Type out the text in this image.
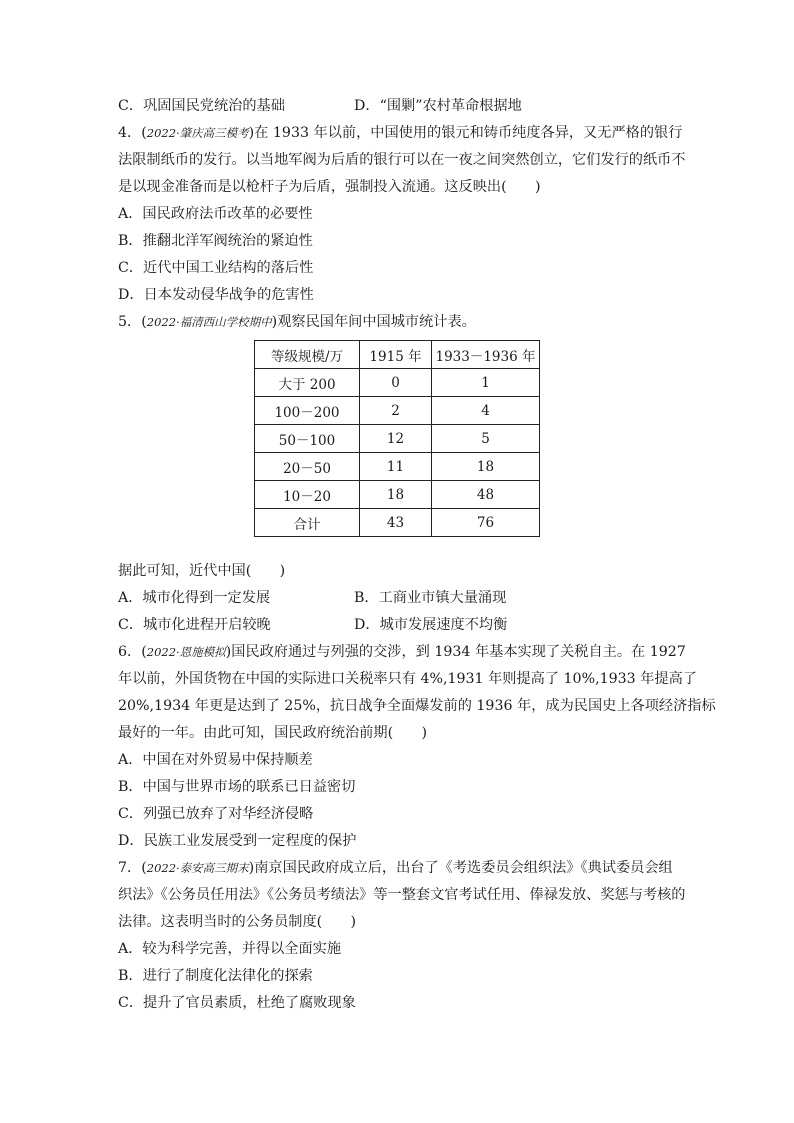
C．巩固国民党统治的基础	D．“围剿”农村革命根据地
4．(2022·肇庆高三模考)在 1933 年以前，中国使用的银元和铸币纯度各异，又无严格的银行
法限制纸币的发行。以当地军阀为后盾的银行可以在一夜之间突然创立，它们发行的纸币不
是以现金准备而是以枪杆子为后盾，强制投入流通。这反映出(　　)
A．国民政府法币改革的必要性
B．推翻北洋军阀统治的紧迫性
C．近代中国工业结构的落后性
D．日本发动侵华战争的危害性
5．(2022·福清西山学校期中)观察民国年间中国城市统计表。
等级规模/万	1915 年	1933－1936 年
大于 200	0	1
100－200	2	4
50－100	12	5
20－50	11	18
10－20	18	48
合计	43	76
据此可知，近代中国(　　)
A．城市化得到一定发展	B．工商业市镇大量涌现
C．城市化进程开启较晚	D．城市发展速度不均衡
6．(2022·恩施模拟)国民政府通过与列强的交涉，到 1934 年基本实现了关税自主。在 1927
年以前，外国货物在中国的实际进口关税率只有 4%,1931 年则提高了 10%,1933 年提高了
20%,1934 年更是达到了 25%，抗日战争全面爆发前的 1936 年，成为民国史上各项经济指标
最好的一年。由此可知，国民政府统治前期(　　)
A．中国在对外贸易中保持顺差
B．中国与世界市场的联系已日益密切
C．列强已放弃了对华经济侵略
D．民族工业发展受到一定程度的保护
7．(2022·泰安高三期末)南京国民政府成立后，出台了《考选委员会组织法》《典试委员会组
织法》《公务员任用法》《公务员考绩法》等一整套文官考试任用、俸禄发放、奖惩与考核的
法律。这表明当时的公务员制度(　　)
A．较为科学完善，并得以全面实施
B．进行了制度化法律化的探索
C．提升了官员素质，杜绝了腐败现象
